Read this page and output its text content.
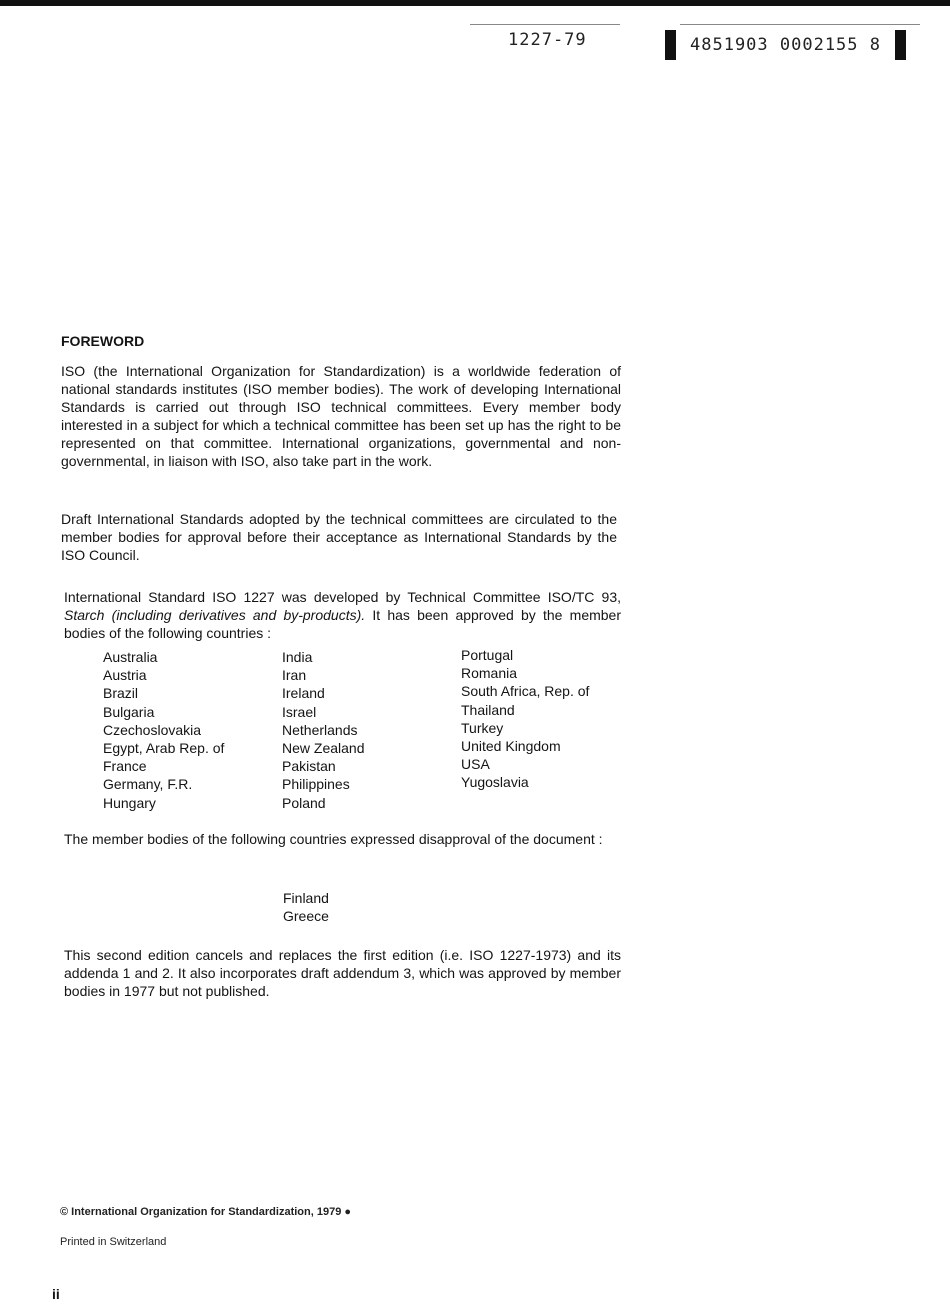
1227-79	4851903 0002155 8
FOREWORD

ISO (the International Organization for Standardization) is a worldwide federation of national standards institutes (ISO member bodies). The work of developing International Standards is carried out through ISO technical committees. Every member body interested in a subject for which a technical committee has been set up has the right to be represented on that committee. International organizations, governmental and non-governmental, in liaison with ISO, also take part in the work.

Draft International Standards adopted by the technical committees are circulated to the member bodies for approval before their acceptance as International Standards by the ISO Council.

International Standard ISO 1227 was developed by Technical Committee ISO/TC 93, Starch (including derivatives and by-products). It has been approved by the member bodies of the following countries :

Australia
Austria
Brazil
Bulgaria
Czechoslovakia
Egypt, Arab Rep. of
France
Germany, F.R.
Hungary
India
Iran
Ireland
Israel
Netherlands
New Zealand
Pakistan
Philippines
Poland
Portugal
Romania
South Africa, Rep. of
Thailand
Turkey
United Kingdom
USA
Yugoslavia

The member bodies of the following countries expressed disapproval of the document :

Finland
Greece

This second edition cancels and replaces the first edition (i.e. ISO 1227-1973) and its addenda 1 and 2. It also incorporates draft addendum 3, which was approved by member bodies in 1977 but not published.

© International Organization for Standardization, 1979 ●
Printed in Switzerland
ii
